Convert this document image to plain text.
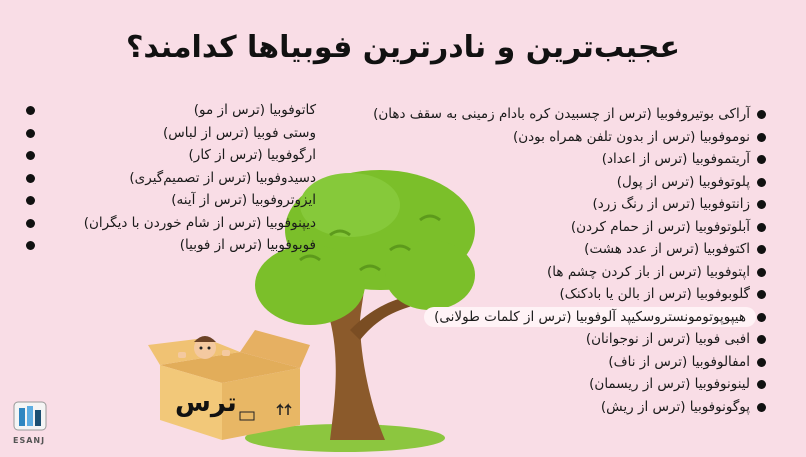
عجیب‌ترین و نادرترین فوبیاها کدامند؟
آراکی بوتیروفوبیا (ترس از چسبیدن کره بادام زمینی به سقف دهان)
نوموفوبیا (ترس از بدون تلفن همراه بودن)
آریتموفوبیا (ترس از اعداد)
پلوتوفوبیا (ترس از پول)
زانتوفوبیا (ترس از رنگ زرد)
آبلوتوفوبیا (ترس از حمام کردن)
اکتوفوبیا (ترس از عدد هشت)
اپتوفوبیا (ترس از باز کردن چشم ها)
گلوبوفوبیا (ترس از بالن یا بادکنک)
هیپوپوتومونستروسکیپد آلوفوبیا (ترس از کلمات طولانی)
افبی فوبیا (ترس از نوجوانان)
امفالوفوبیا (ترس از ناف)
لینونوفوبیا (ترس از ریسمان)
پوگونوفوبیا (ترس از ریش)
کاتوفوبیا (ترس از مو)
وستی فوبیا (ترس از لباس)
ارگوفوبیا (ترس از کار)
دسیدوفوبیا (ترس از تصمیم‌گیری)
ایزوتروفوبیا (ترس از آینه)
دیپنوفوبیا (ترس از شام خوردن با دیگران)
فوبوفوبیا (ترس از فوبیا)
ترس
ESANJ
